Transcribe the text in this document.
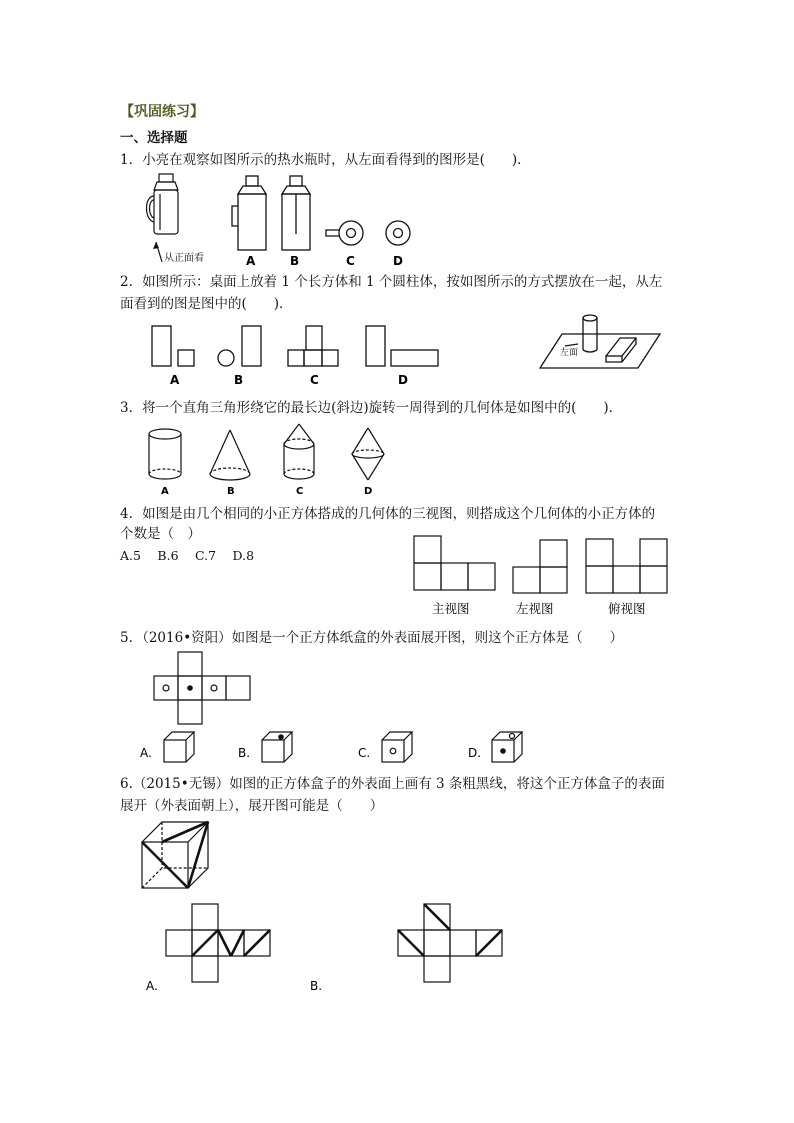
【巩固练习】
一、选择题
1．小亮在观察如图所示的热水瓶时，从左面看得到的图形是(　　)．
从正面看	A	B	C	D
2．如图所示：桌面上放着 1 个长方体和 1 个圆柱体，按如图所示的方式摆放在一起，从左
面看到的图是图中的(　　)．
左面
A	B	C	D
3．将一个直角三角形绕它的最长边(斜边)旋转一周得到的几何体是如图中的(　　)．
A	B	C	D
4．如图是由几个相同的小正方体搭成的几何体的三视图，则搭成这个几何体的小正方体的
个数是（　）
A.5　 B.6　 C.7　 D.8
主视图	左视图	俯视图
5．（2016•资阳）如图是一个正方体纸盒的外表面展开图，则这个正方体是（　　）
A.	B.	C.	D.
6.（2015•无锡）如图的正方体盒子的外表面上画有 3 条粗黑线，将这个正方体盒子的表面
展开（外表面朝上），展开图可能是（　　）
A.	B.
